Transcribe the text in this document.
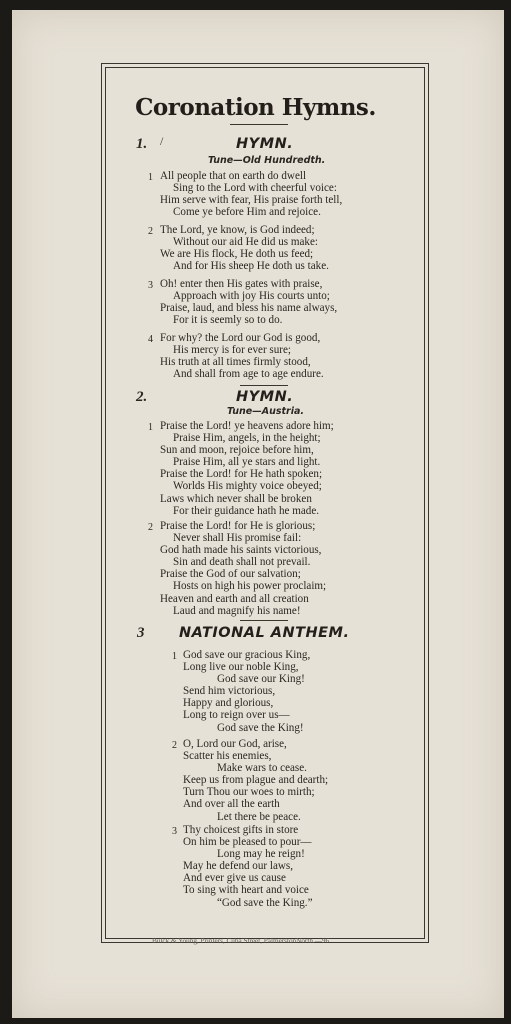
Coronation Hymns.
1. /	HYMN.
Tune—Old Hundredth.
1 All people that on earth do dwell
Sing to the Lord with cheerful voice:
Him serve with fear, His praise forth tell,
Come ye before Him and rejoice.
2 The Lord, ye know, is God indeed;
Without our aid He did us make:
We are His flock, He doth us feed;
And for His sheep He doth us take.
3 Oh! enter then His gates with praise,
Approach with joy His courts unto;
Praise, laud, and bless his name always,
For it is seemly so to do.
4 For why? the Lord our God is good,
His mercy is for ever sure;
His truth at all times firmly stood,
And shall from age to age endure.
2.	HYMN.
Tune—Austria.
1 Praise the Lord! ye heavens adore him;
Praise Him, angels, in the height;
Sun and moon, rejoice before him,
Praise Him, all ye stars and light.
Praise the Lord! for He hath spoken;
Worlds His mighty voice obeyed;
Laws which never shall be broken
For their guidance hath he made.
2 Praise the Lord! for He is glorious;
Never shall His promise fail:
God hath made his saints victorious,
Sin and death shall not prevail.
Praise the God of our salvation;
Hosts on high his power proclaim;
Heaven and earth and all creation
Laud and magnify his name!
3 NATIONAL ANTHEM.
1 God save our gracious King,
Long live our noble King,
God save our King!
Send him victorious,
Happy and glorious,
Long to reign over us—
God save the King!
2 O, Lord our God, arise,
Scatter his enemies,
Make wars to cease.
Keep us from plague and dearth;
Turn Thou our woes to mirth;
And over all the earth
Let there be peace.
3 Thy choicest gifts in store
On him be pleased to pour—
Long may he reign!
May he defend our laws,
And ever give us cause
To sing with heart and voice
“God save the King.”
Bulck & Young, Printers, Cuba Street, PalmerstonNorth.—96
